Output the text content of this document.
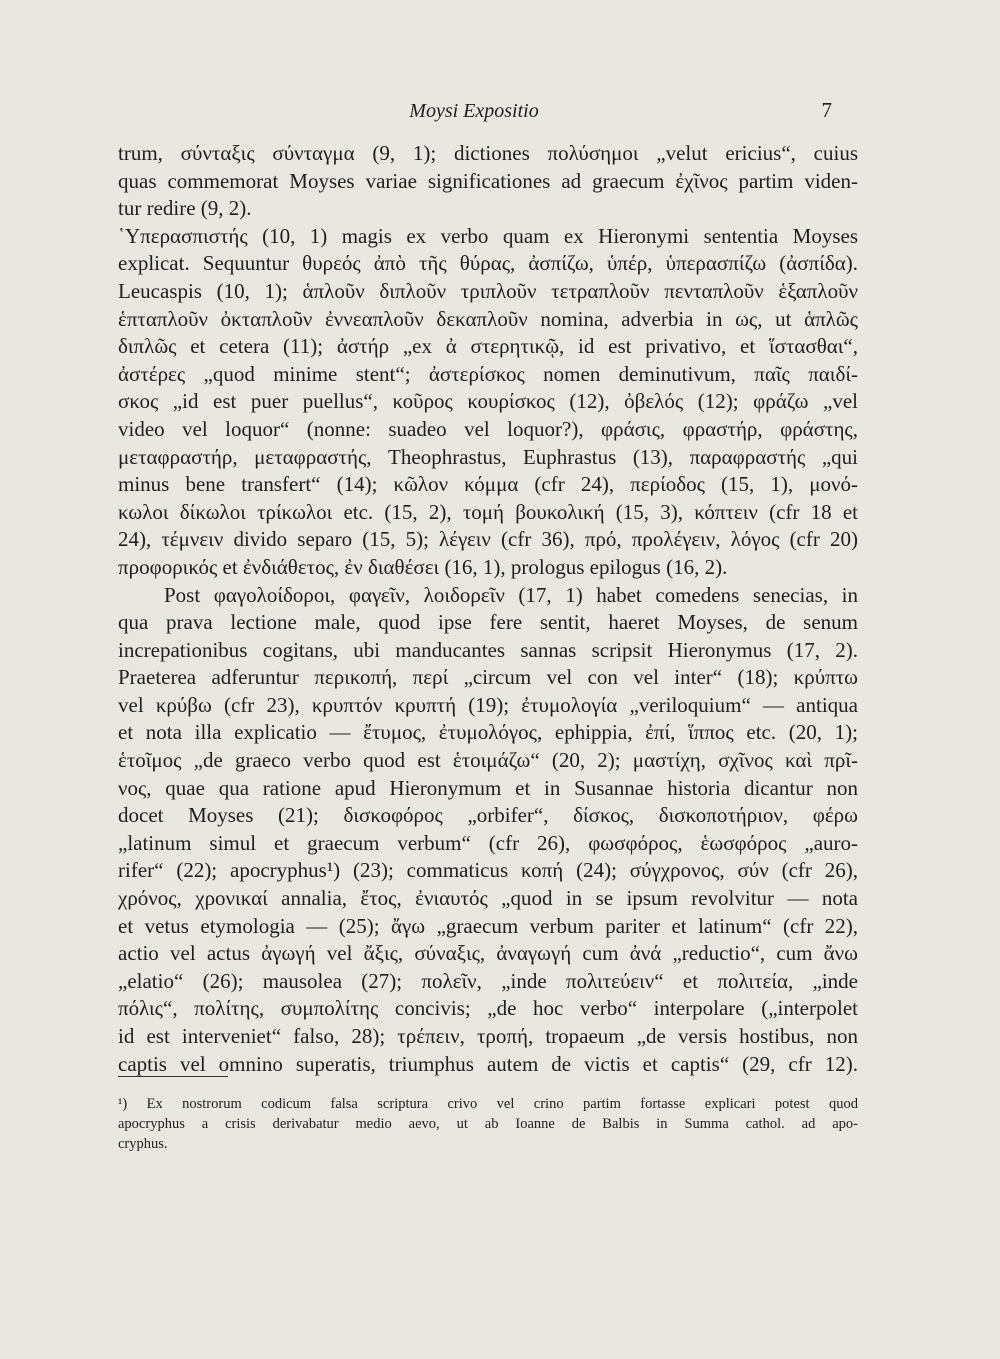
Moysi Expositio	7
trum, σύνταξις σύνταγμα (9, 1); dictiones πολύσημοι „velut ericius“, cuius
quas commemorat Moyses variae significationes ad graecum ἐχῖνος partim viden-
tur redire (9, 2).
῾Υπερασπιστής (10, 1) magis ex verbo quam ex Hieronymi sententia Moyses
explicat. Sequuntur θυρεός ἀπὸ τῆς θύρας, ἀσπίζω, ὑπέρ, ὑπερασπίζω (ἀσπίδα).
Leucaspis (10, 1); ἁπλοῦν διπλοῦν τριπλοῦν τετραπλοῦν πενταπλοῦν ἑξαπλοῦν
ἑπταπλοῦν ὀκταπλοῦν ἐννεαπλοῦν δεκαπλοῦν nomina, adverbia in ως, ut ἁπλῶς
διπλῶς et cetera (11); ἀστήρ „ex ἀ στερητικῷ, id est privativo, et ἵστασθαι“,
ἀστέρες „quod minime stent“; ἀστερίσκος nomen deminutivum, παῖς παιδί-
σκος „id est puer puellus“, κοῦρος κουρίσκος (12), ὀβελός (12); φράζω „vel
video vel loquor“ (nonne: suadeo vel loquor?), φράσις, φραστήρ, φράστης,
μεταφραστήρ, μεταφραστής, Theophrastus, Euphrastus (13), παραφραστής „qui
minus bene transfert“ (14); κῶλον κόμμα (cfr 24), περίοδος (15, 1), μονό-
κωλοι δίκωλοι τρίκωλοι etc. (15, 2), τομή βουκολική (15, 3), κόπτειν (cfr 18 et
24), τέμνειν divido separo (15, 5); λέγειν (cfr 36), πρό, προλέγειν, λόγος (cfr 20)
προφορικός et ἐνδιάθετος, ἐν διαθέσει (16, 1), prologus epilogus (16, 2).
Post φαγολοίδοροι, φαγεῖν, λοιδορεῖν (17, 1) habet comedens senecias, in
qua prava lectione male, quod ipse fere sentit, haeret Moyses, de senum
increpationibus cogitans, ubi manducantes sannas scripsit Hieronymus (17, 2).
Praeterea adferuntur περικοπή, περί „circum vel con vel inter“ (18); κρύπτω
vel κρύβω (cfr 23), κρυπτόν κρυπτή (19); ἐτυμολογία „veriloquium“ — antiqua
et nota illa explicatio — ἔτυμος, ἐτυμολόγος, ephippia, ἐπί, ἵππος etc. (20, 1);
ἑτοῖμος „de graeco verbo quod est ἑτοιμάζω“ (20, 2); μαστίχη, σχῖνος καὶ πρῖ-
νος, quae qua ratione apud Hieronymum et in Susannae historia dicantur non
docet Moyses (21); δισκοφόρος „orbifer“, δίσκος, δισκοποτήριον, φέρω
„latinum simul et graecum verbum“ (cfr 26), φωσφόρος, ἑωσφόρος „auro-
rifer“ (22); apocryphus¹) (23); commaticus κοπή (24); σύγχρονος, σύν (cfr 26),
χρόνος, χρονικαί annalia, ἔτος, ἐνιαυτός „quod in se ipsum revolvitur — nota
et vetus etymologia — (25); ἄγω „graecum verbum pariter et latinum“ (cfr 22),
actio vel actus ἀγωγή vel ἄξις, σύναξις, ἀναγωγή cum ἀνά „reductio“, cum ἄνω
„elatio“ (26); mausolea (27); πολεῖν, „inde πολιτεύειν“ et πολιτεία, „inde
πόλις“, πολίτης, συμπολίτης concivis; „de hoc verbo“ interpolare („interpolet
id est interveniet“ falso, 28); τρέπειν, τροπή, tropaeum „de versis hostibus, non
captis vel omnino superatis, triumphus autem de victis et captis“ (29, cfr 12).
¹) Ex nostrorum codicum falsa scriptura crivo vel crino partim fortasse explicari potest quod
apocryphus a crisis derivabatur medio aevo, ut ab Ioanne de Balbis in Summa cathol. ad apo-
cryphus.
